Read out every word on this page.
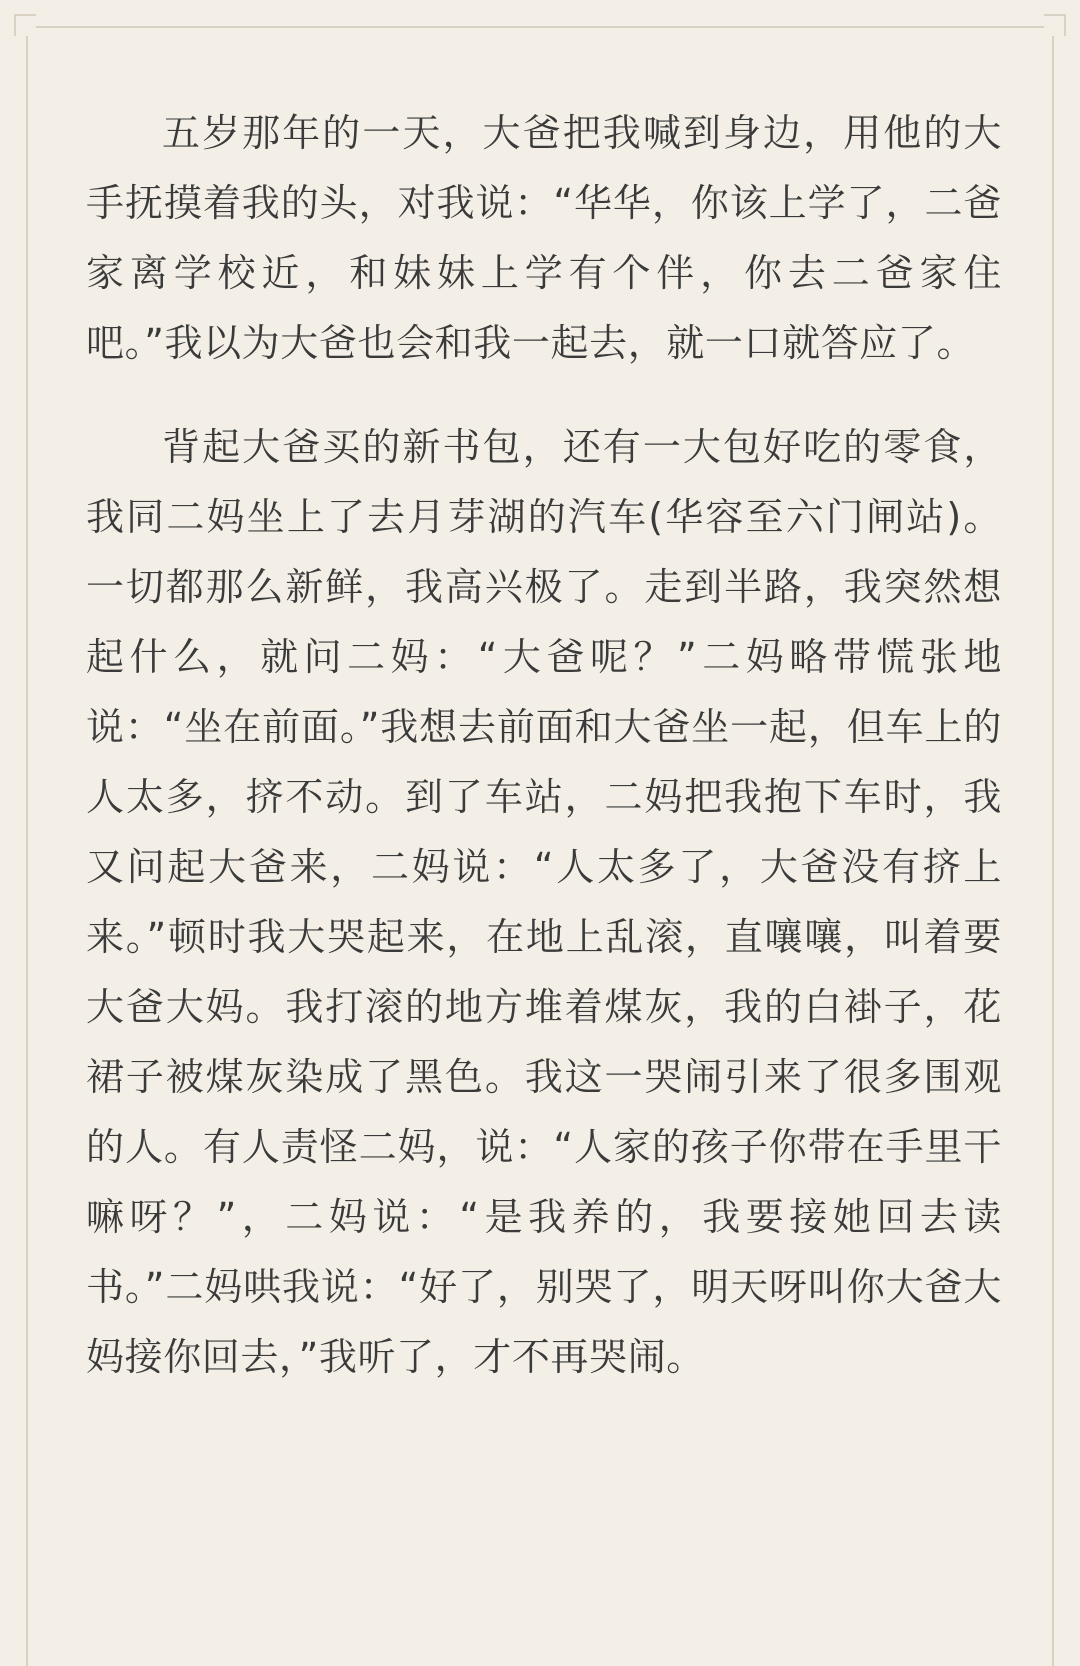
五岁那年的一天，大爸把我喊到身边，用他的大手抚摸着我的头，对我说：“华华，你该上学了，二爸家离学校近，和妹妹上学有个伴，你去二爸家住吧。”我以为大爸也会和我一起去，就一口就答应了。

背起大爸买的新书包，还有一大包好吃的零食，我同二妈坐上了去月芽湖的汽车(华容至六门闸站)。一切都那么新鲜，我高兴极了。走到半路，我突然想起什么，就问二妈：“大爸呢？”二妈略带慌张地说：“坐在前面。”我想去前面和大爸坐一起，但车上的人太多，挤不动。到了车站，二妈把我抱下车时，我又问起大爸来，二妈说：“人太多了，大爸没有挤上来。”顿时我大哭起来，在地上乱滚，直嚷嚷，叫着要大爸大妈。我打滚的地方堆着煤灰，我的白褂子，花裙子被煤灰染成了黑色。我这一哭闹引来了很多围观的人。有人责怪二妈，说：“人家的孩子你带在手里干嘛呀？”，二妈说：“是我养的，我要接她回去读书。”二妈哄我说：“好了，别哭了，明天呀叫你大爸大妈接你回去，”我听了，才不再哭闹。
